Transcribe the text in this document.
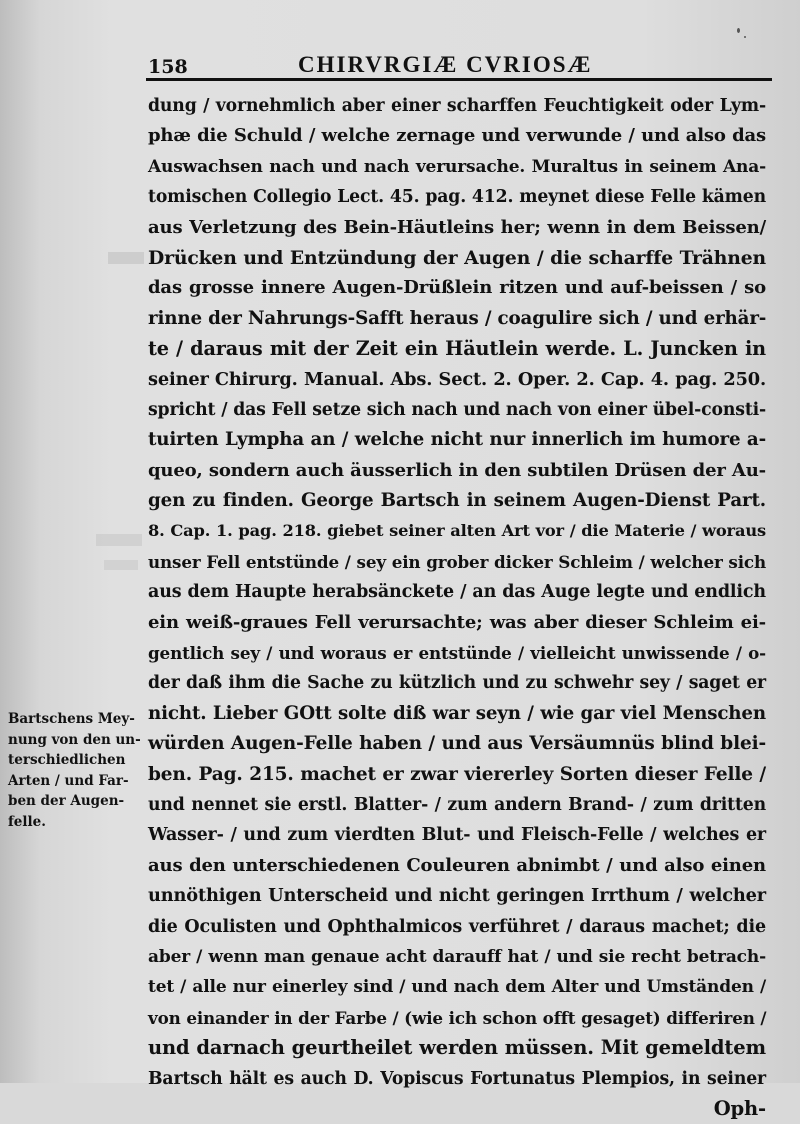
158	CHIRVRGIÆ CVRIOSÆ
dung / vornehmlich aber einer scharffen Feuchtigkeit oder Lym-
phæ die Schuld / welche zernage und verwunde / und also das
Auswachsen nach und nach verursache. Muraltus in seinem Ana-
tomischen Collegio Lect. 45. pag. 412. meynet diese Felle kämen
aus Verletzung des Bein-Häutleins her; wenn in dem Beissen/
Drücken und Entzündung der Augen / die scharffe Trähnen
das grosse innere Augen-Drüßlein ritzen und auf-beissen / so
rinne der Nahrungs-Safft heraus / coagulire sich / und erhär-
te / daraus mit der Zeit ein Häutlein werde. L. Juncken in
seiner Chirurg. Manual. Abs. Sect. 2. Oper. 2. Cap. 4. pag. 250.
spricht / das Fell setze sich nach und nach von einer übel-consti-
tuirten Lympha an / welche nicht nur innerlich im humore a-
queo, sondern auch äusserlich in den subtilen Drüsen der Au-
gen zu finden. George Bartsch in seinem Augen-Dienst Part.
8. Cap. 1. pag. 218. giebet seiner alten Art vor / die Materie / woraus
unser Fell entstünde / sey ein grober dicker Schleim / welcher sich
aus dem Haupte herabsänckete / an das Auge legte und endlich
ein weiß-graues Fell verursachte; was aber dieser Schleim ei-
gentlich sey / und woraus er entstünde / vielleicht unwissende / o-
der daß ihm die Sache zu kützlich und zu schwehr sey / saget er
nicht. Lieber GOtt solte diß war seyn / wie gar viel Menschen
würden Augen-Felle haben / und aus Versäumnüs blind blei-
ben. Pag. 215. machet er zwar viererley Sorten dieser Felle /
und nennet sie erstl. Blatter- / zum andern Brand- / zum dritten
Wasser- / und zum vierdten Blut- und Fleisch-Felle / welches er
aus den unterschiedenen Couleuren abnimbt / und also einen
unnöthigen Unterscheid und nicht geringen Irrthum / welcher
die Oculisten und Ophthalmicos verführet / daraus machet; die
aber / wenn man genaue acht darauff hat / und sie recht betrach-
tet / alle nur einerley sind / und nach dem Alter und Umständen /
von einander in der Farbe / (wie ich schon offt gesaget) differiren /
und darnach geurtheilet werden müssen. Mit gemeldtem
Bartsch hält es auch D. Vopiscus Fortunatus Plempios, in seiner
Oph-
Bartschens Mey-
nung von den un-
terschiedlichen
Arten / und Far-
ben der Augen-
felle.
